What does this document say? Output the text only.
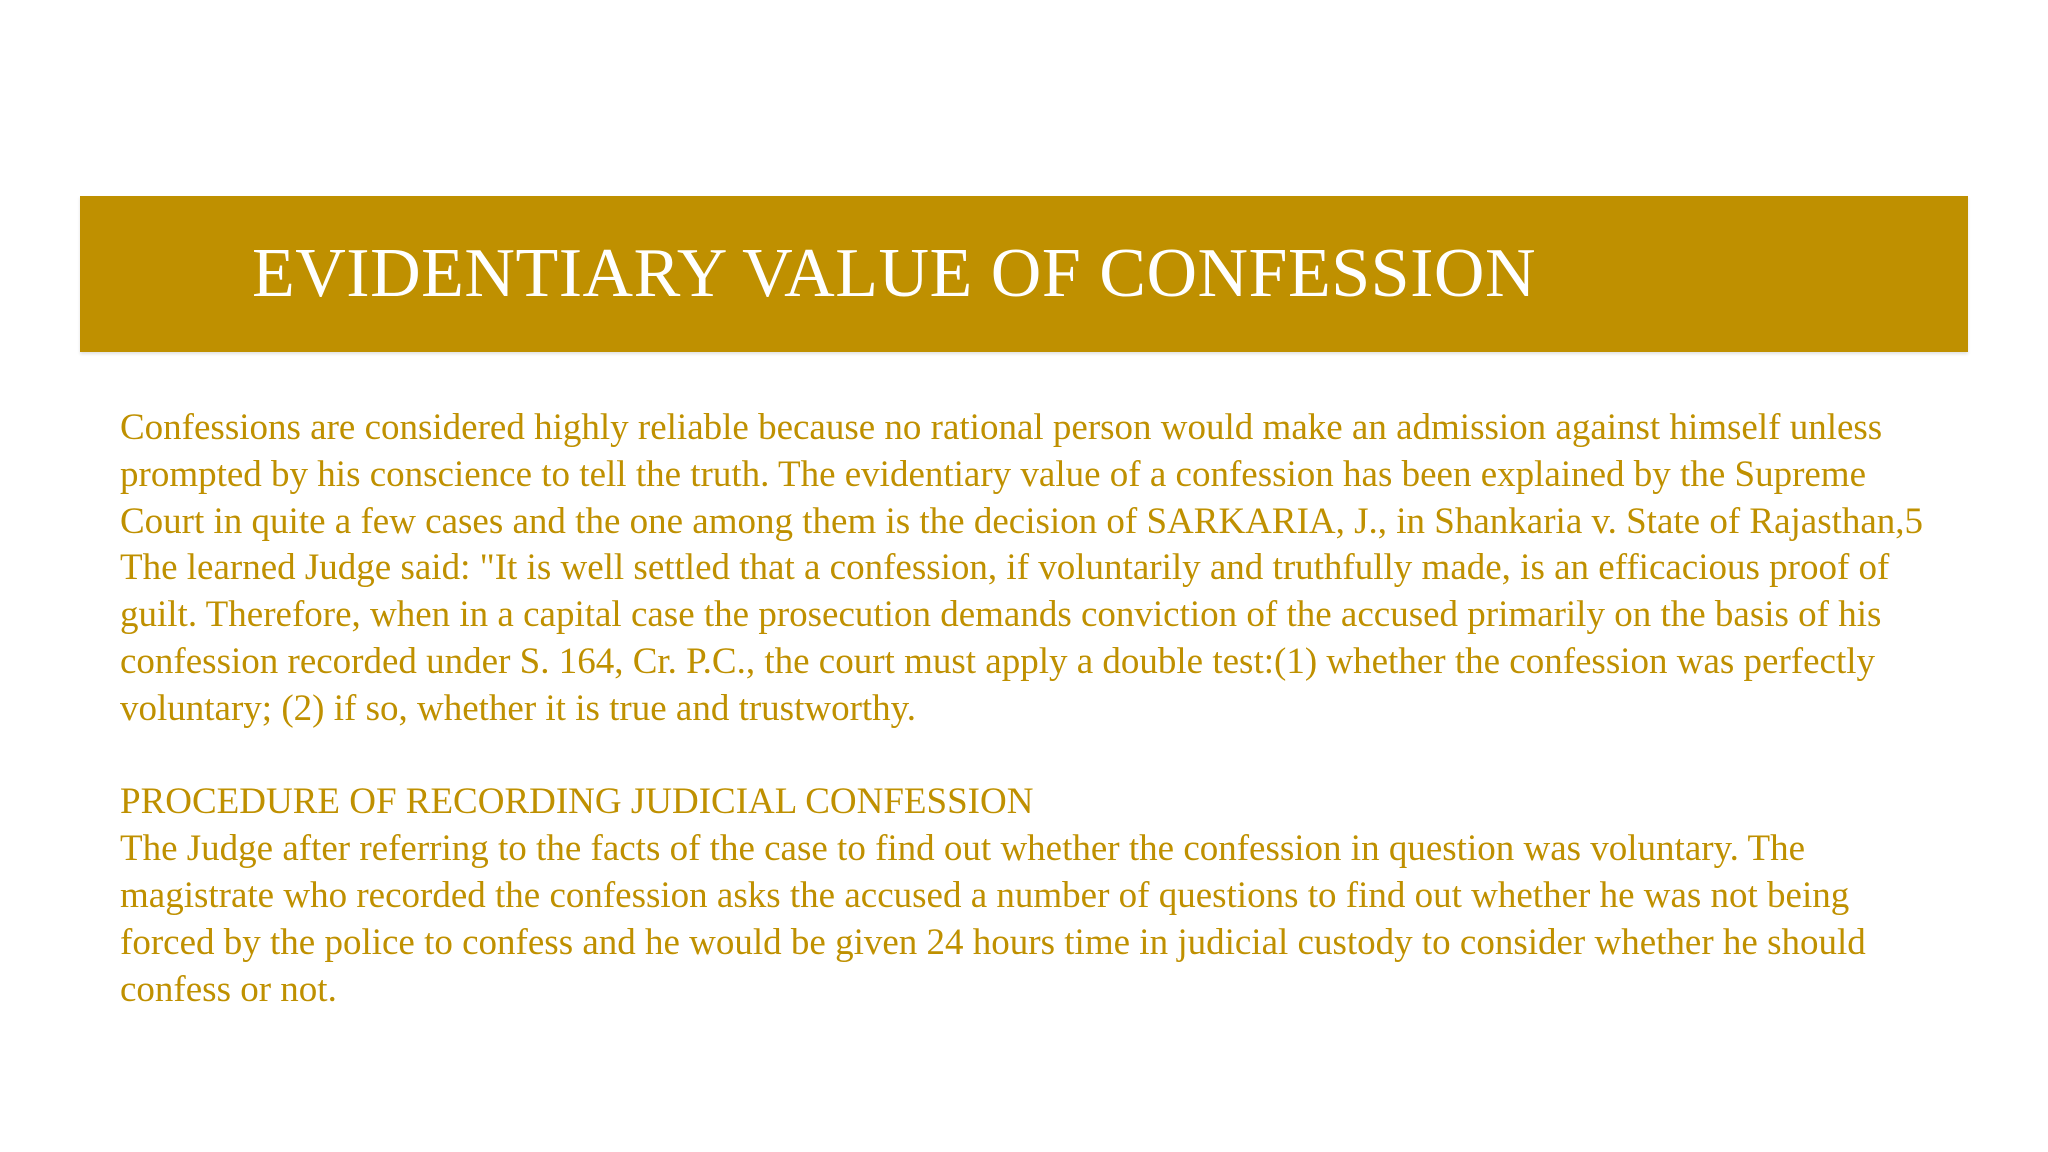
EVIDENTIARY VALUE OF CONFESSION

Confessions are considered highly reliable because no rational person would make an admission against himself unless prompted by his conscience to tell the truth. The evidentiary value of a confession has been explained by the Supreme Court in quite a few cases and the one among them is the decision of SARKARIA, J., in Shankaria v. State of Rajasthan,5 The learned Judge said: "It is well settled that a confession, if voluntarily and truthfully made, is an efficacious proof of guilt. Therefore, when in a capital case the prosecution demands conviction of the accused primarily on the basis of his confession recorded under S. 164, Cr. P.C., the court must apply a double test:(1) whether the confession was perfectly voluntary; (2) if so, whether it is true and trustworthy.

PROCEDURE OF RECORDING JUDICIAL CONFESSION

The Judge after referring to the facts of the case to find out whether the confession in question was voluntary. The magistrate who recorded the confession asks the accused a number of questions to find out whether he was not being forced by the police to confess and he would be given 24 hours time in judicial custody to consider whether he should confess or not.
